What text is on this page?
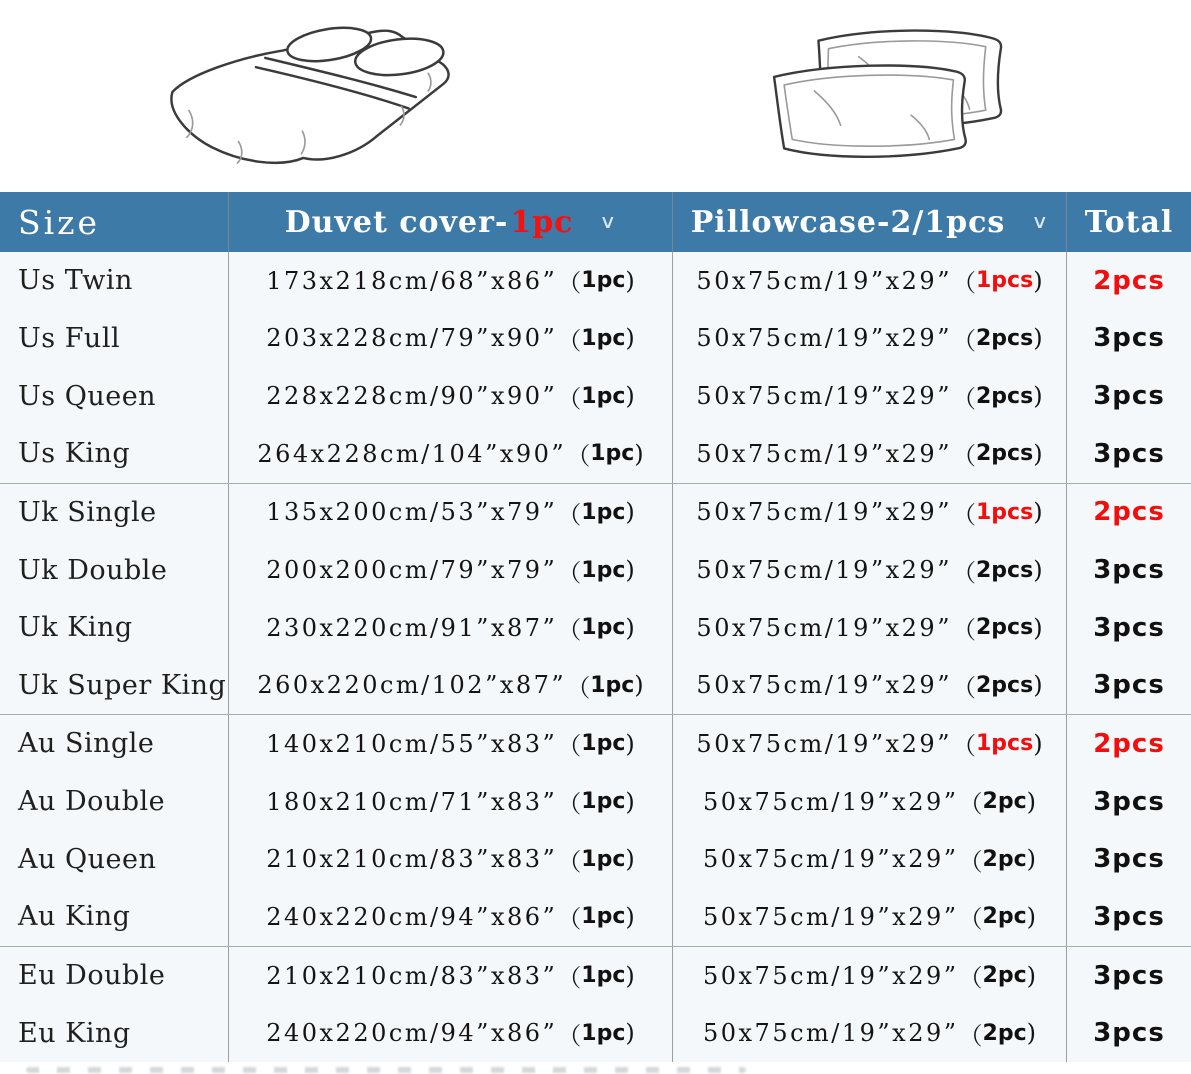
Size	Duvet cover- 1pc ∨ Pillowcase-2/1pcs ∨ Total
Us Twin	173x218cm/68”x86” （ 1pc )	50x75cm/19”x29” （ 1pcs ) 2pcs
Us Full	203x228cm/79”x90” （ 1pc )	50x75cm/19”x29” （ 2pcs ) 3pcs
Us Queen	228x228cm/90”x90” （ 1pc )	50x75cm/19”x29” （ 2pcs ) 3pcs
Us King	264x228cm/104”x90” （ 1pc ) 50x75cm/19”x29” （ 2pcs ) 3pcs
Uk Single	135x200cm/53”x79” （ 1pc )	50x75cm/19”x29” （ 1pcs ) 2pcs
Uk Double	200x200cm/79”x79” （ 1pc )	50x75cm/19”x29” （ 2pcs ) 3pcs
Uk King	230x220cm/91”x87” （ 1pc )	50x75cm/19”x29” （ 2pcs ) 3pcs
Uk Super King 260x220cm/102”x87” （ 1pc ) 50x75cm/19”x29” （ 2pcs ) 3pcs
Au Single	140x210cm/55”x83” （ 1pc )	50x75cm/19”x29” （ 1pcs ) 2pcs
Au Double	180x210cm/71”x83” （ 1pc )	50x75cm/19”x29” （ 2pc ) 3pcs
Au Queen	210x210cm/83”x83” （ 1pc )	50x75cm/19”x29” （ 2pc ) 3pcs
Au King	240x220cm/94”x86” （ 1pc )	50x75cm/19”x29” （ 2pc ) 3pcs
Eu Double	210x210cm/83”x83” （ 1pc )	50x75cm/19”x29” （ 2pc ) 3pcs
Eu King	240x220cm/94”x86” （ 1pc )	50x75cm/19”x29” （ 2pc ) 3pcs
